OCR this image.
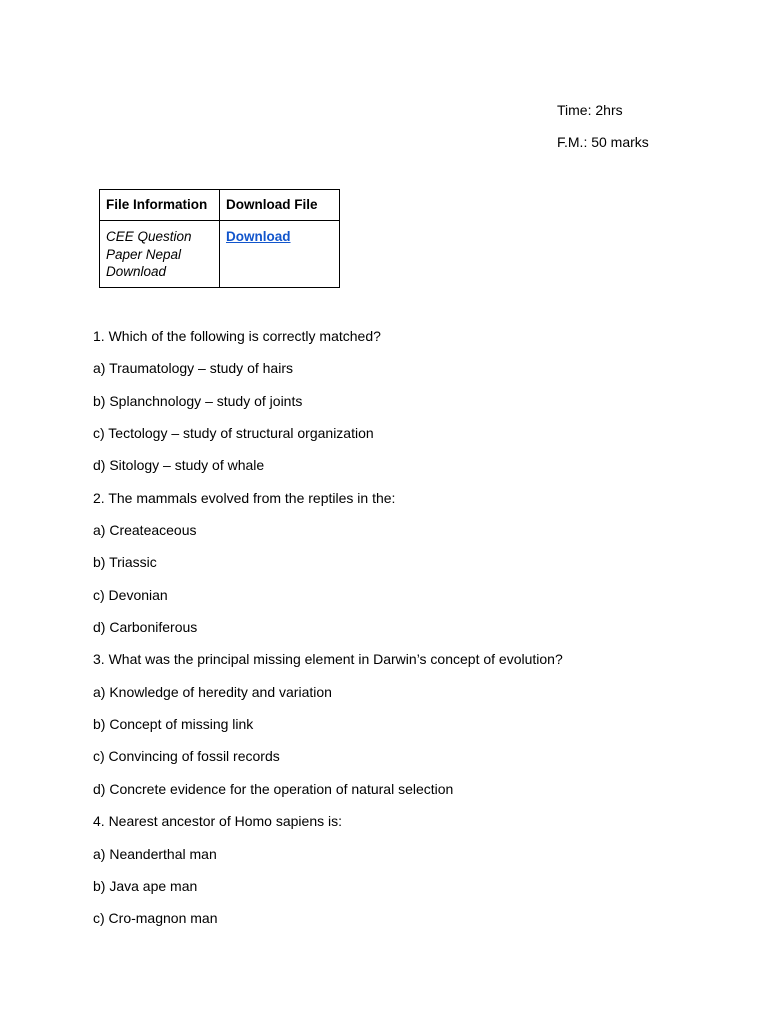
Time: 2hrs
F.M.: 50 marks
File Information	Download File

CEE Question
Paper Nepal
Download	Download
1. Which of the following is correctly matched?
a) Traumatology – study of hairs
b) Splanchnology – study of joints
c) Tectology – study of structural organization
d) Sitology – study of whale
2. The mammals evolved from the reptiles in the:
a) Createaceous
b) Triassic
c) Devonian
d) Carboniferous
3. What was the principal missing element in Darwin’s concept of evolution?
a) Knowledge of heredity and variation
b) Concept of missing link
c) Convincing of fossil records
d) Concrete evidence for the operation of natural selection
4. Nearest ancestor of Homo sapiens is:
a) Neanderthal man
b) Java ape man
c) Cro-magnon man
